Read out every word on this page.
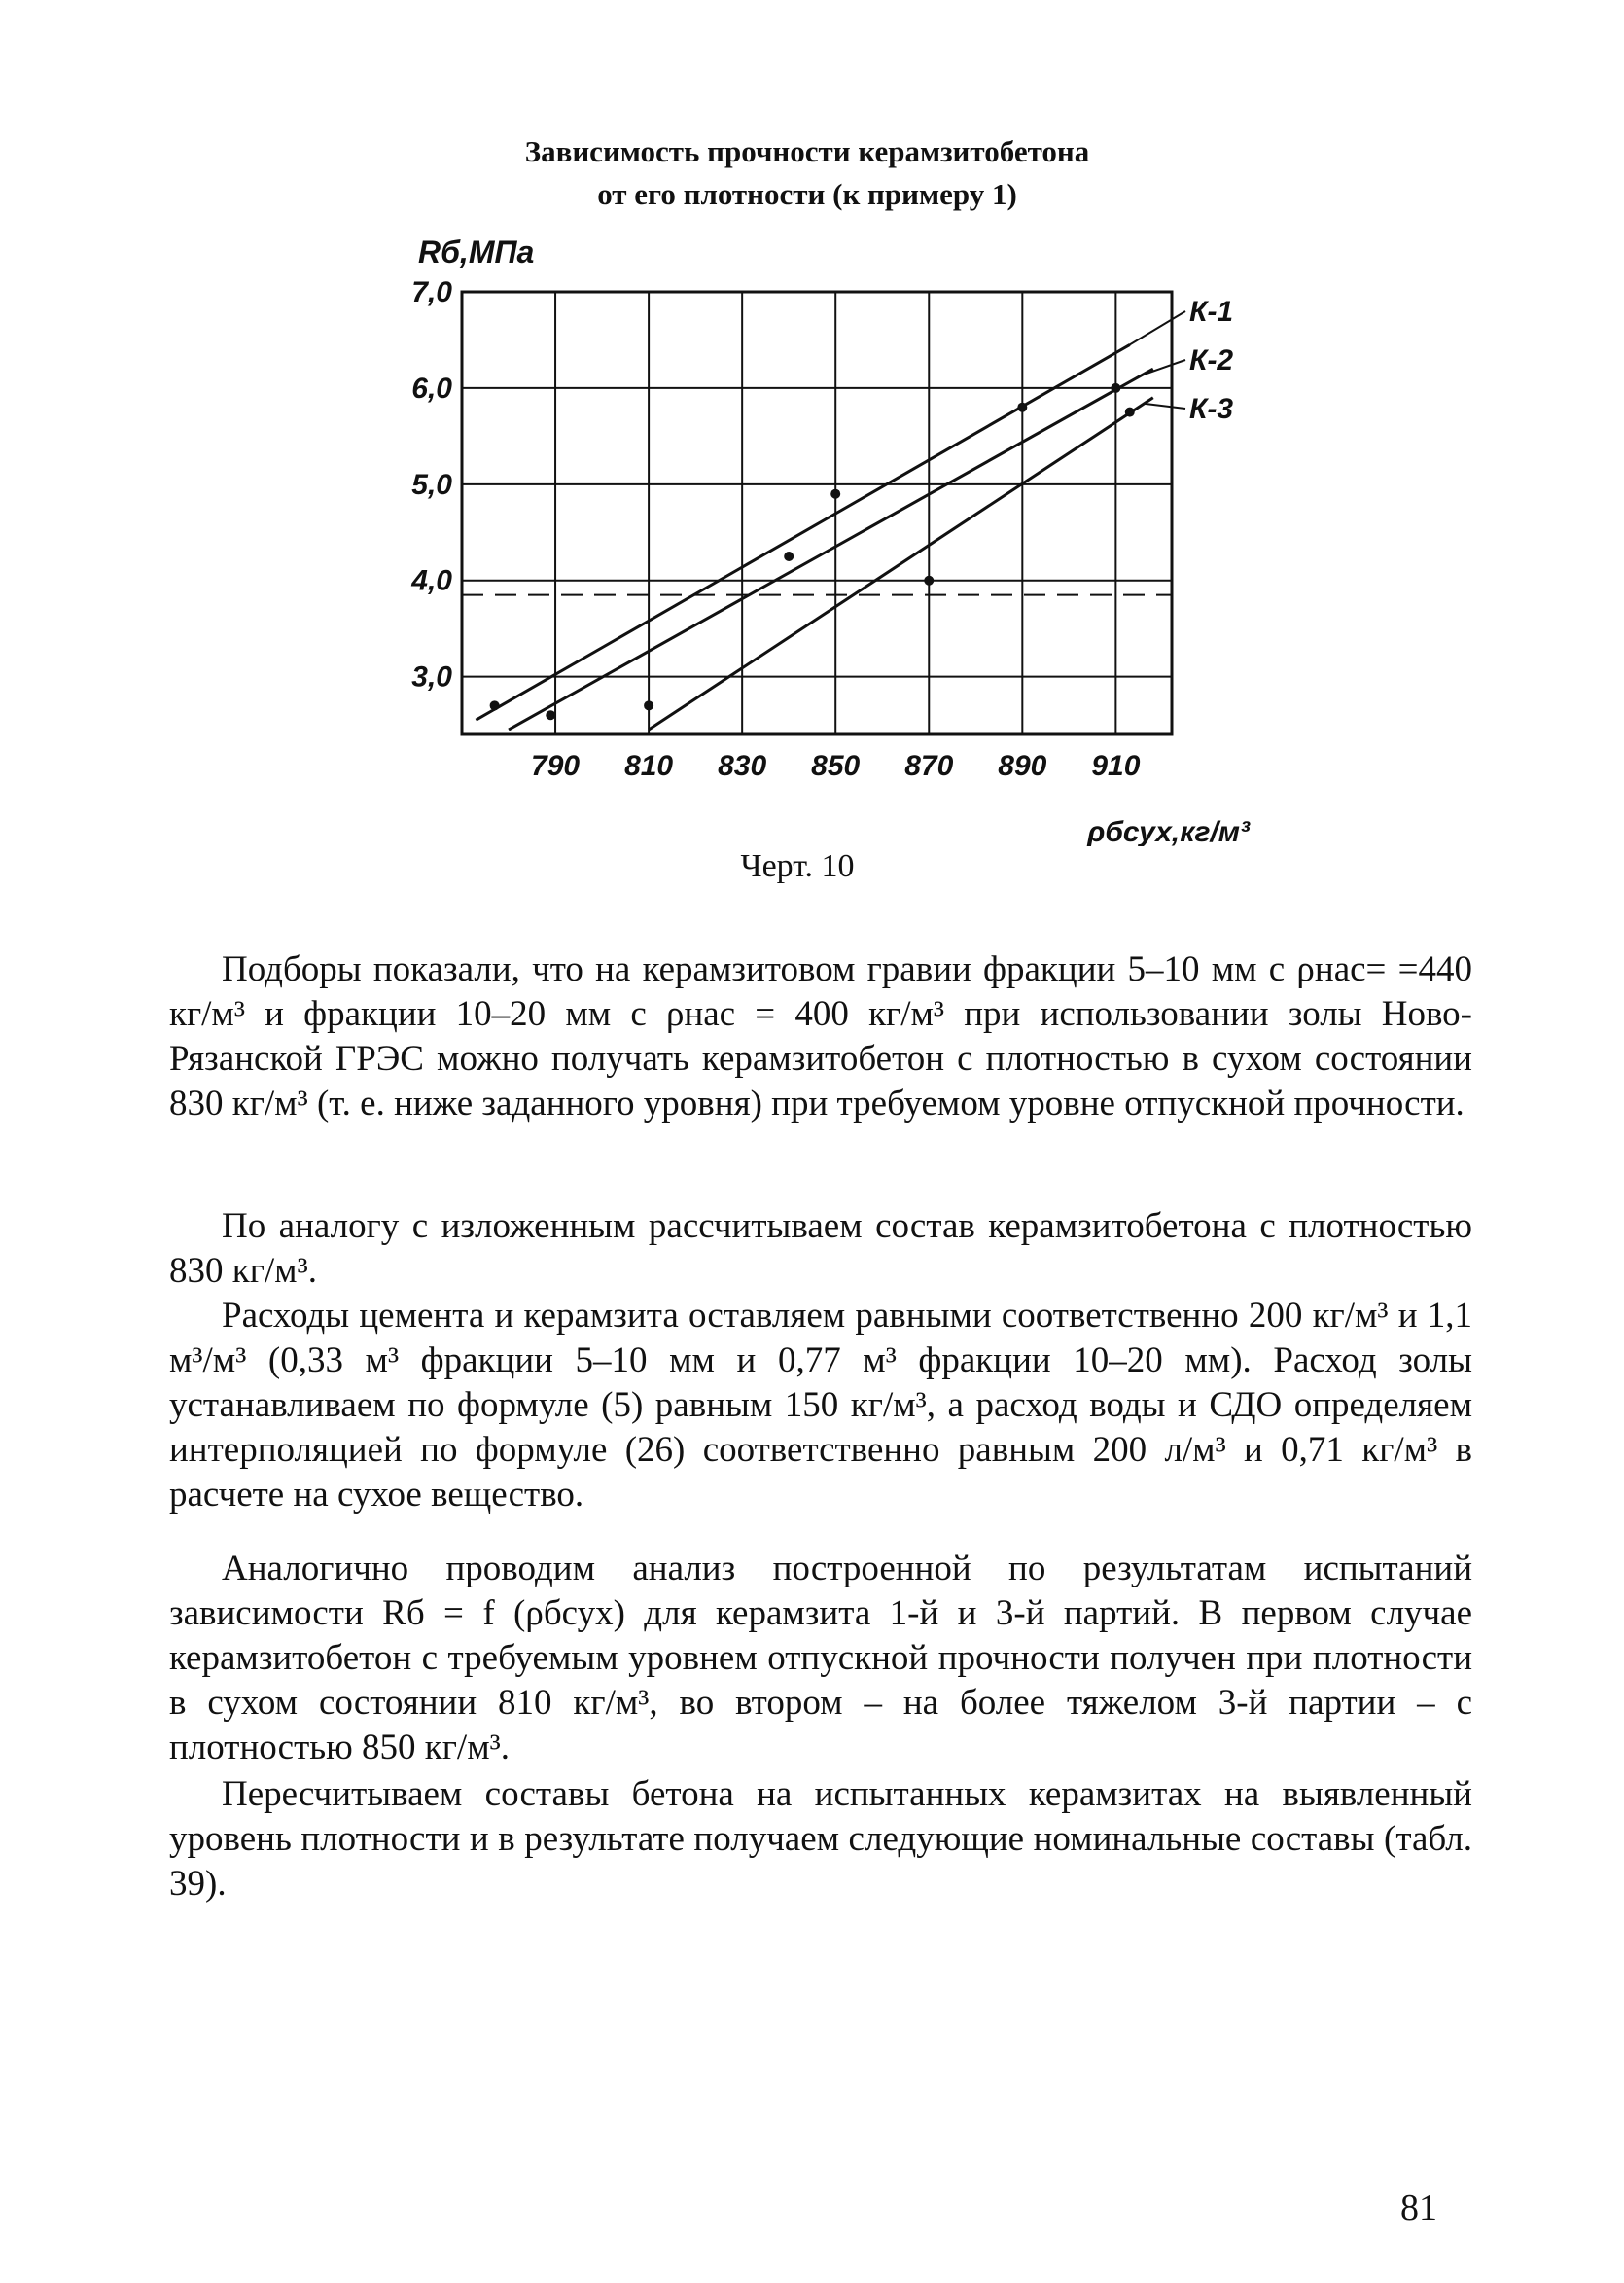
Зависимость прочности керамзитобетона
от его плотности (к примеру 1)
790 810 830 850 870 890 910
7,0
6,0
5,0
4,0
3,0
К-1
К-2
К-3
Rб,МПа
ρбсух,кг/м³
Черт. 10

Подборы показали, что на керамзитовом гравии фракции 5–10 мм с ρнас= =440 кг/м³ и фракции 10–20 мм с ρнас = 400 кг/м³ при использовании золы Ново-Рязанской ГРЭС можно получать керамзитобетон с плотностью в сухом состоянии 830 кг/м³ (т. е. ниже заданного уровня) при требуемом уровне отпускной прочности.

По аналогу с изложенным рассчитываем состав керамзитобетона с плотностью 830 кг/м³.

Расходы цемента и керамзита оставляем равными соответственно 200 кг/м³ и 1,1 м³/м³ (0,33 м³ фракции 5–10 мм и 0,77 м³ фракции 10–20 мм). Расход золы устанавливаем по формуле (5) равным 150 кг/м³, а расход воды и СДО определяем интерполяцией по формуле (26) соответственно равным 200 л/м³ и 0,71 кг/м³ в расчете на сухое вещество.

Аналогично проводим анализ построенной по результатам испытаний зависимости Rб = f (ρбсух) для керамзита 1-й и 3-й партий. В первом случае керамзитобетон с требуемым уровнем отпускной прочности получен при плотности в сухом состоянии 810 кг/м³, во втором – на более тяжелом 3-й партии – с плотностью 850 кг/м³.

Пересчитываем составы бетона на испытанных керамзитах на выявленный уровень плотности и в результате получаем следующие номинальные составы (табл. 39).

81
